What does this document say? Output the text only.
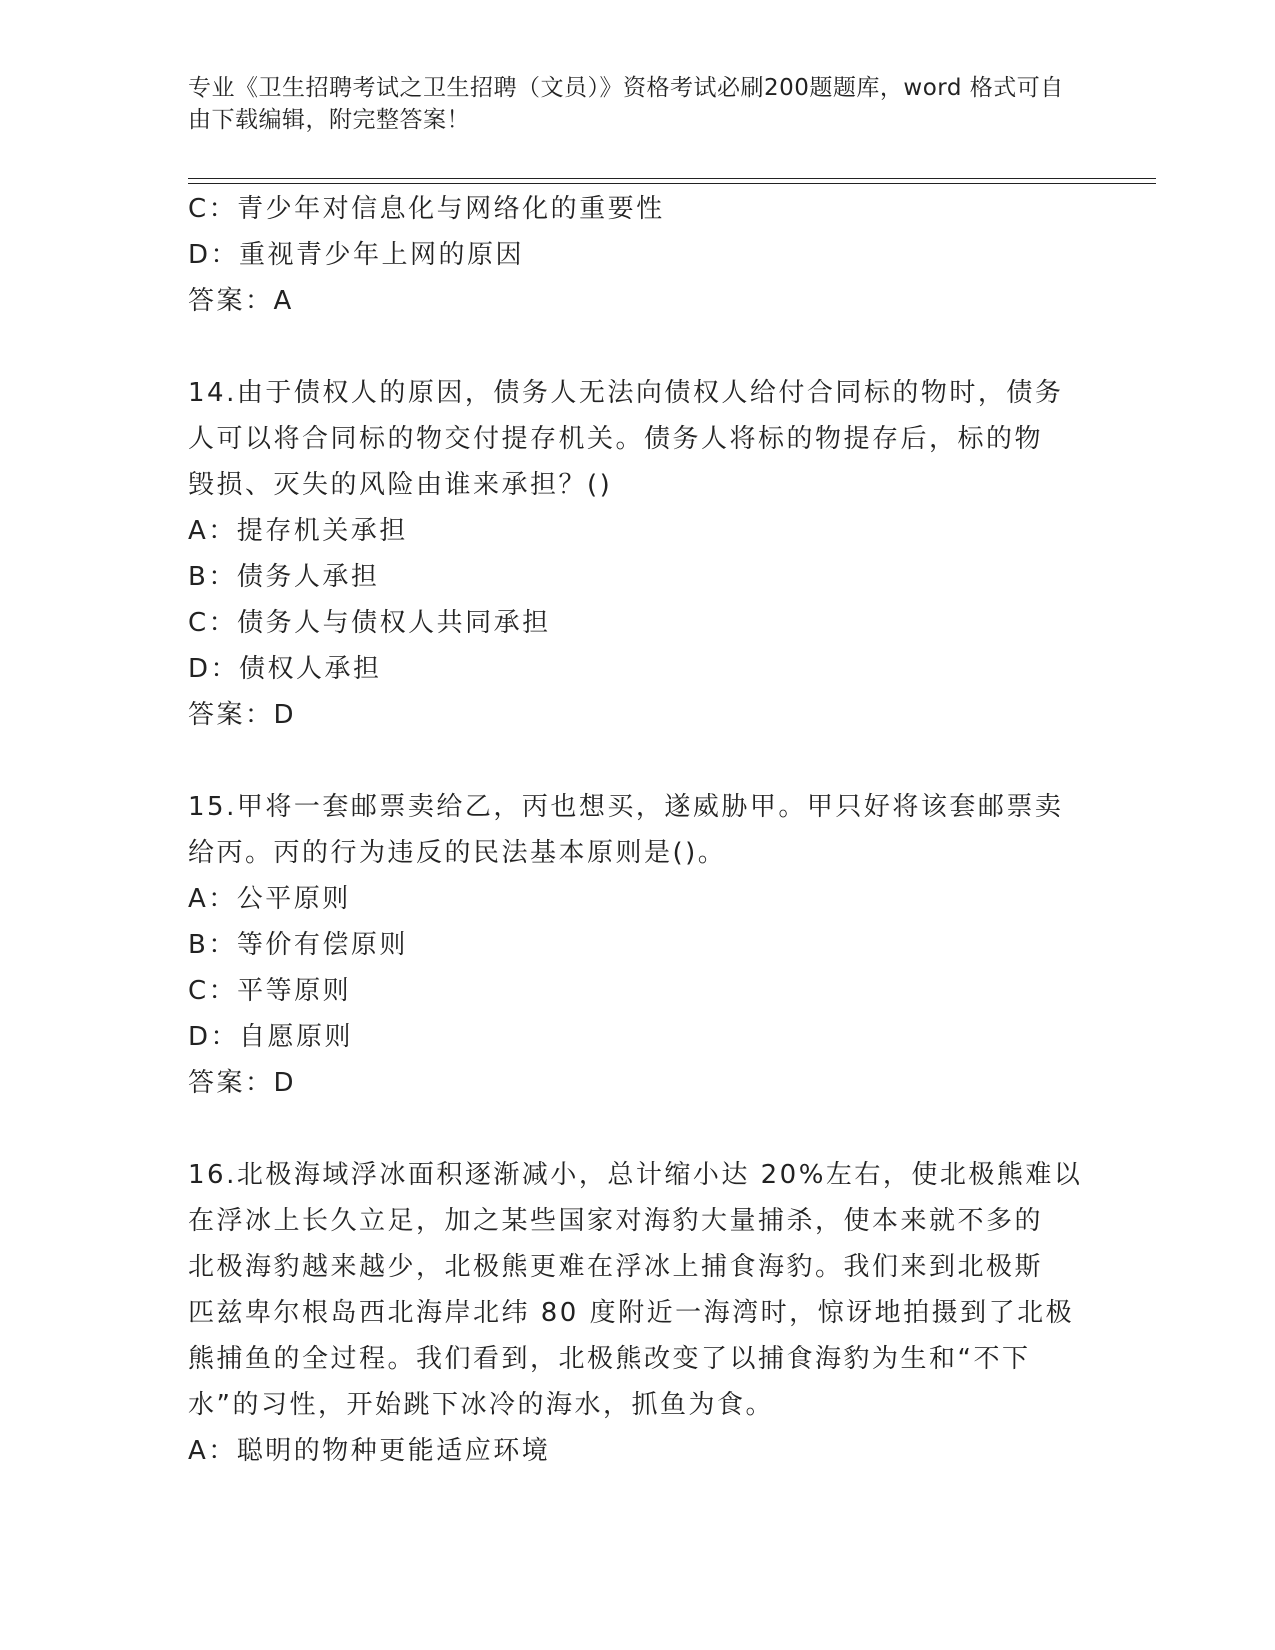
专业《卫生招聘考试之卫生招聘（文员）》资格考试必刷200题题库，word 格式可自由下载编辑，附完整答案！
C：青少年对信息化与网络化的重要性
D：重视青少年上网的原因
答案：A
14.由于债权人的原因，债务人无法向债权人给付合同标的物时，债务
人可以将合同标的物交付提存机关。债务人将标的物提存后，标的物
毁损、灭失的风险由谁来承担？()
A：提存机关承担
B：债务人承担
C：债务人与债权人共同承担
D：债权人承担
答案：D
15.甲将一套邮票卖给乙，丙也想买，遂威胁甲。甲只好将该套邮票卖
给丙。丙的行为违反的民法基本原则是()。
A：公平原则
B：等价有偿原则
C：平等原则
D：自愿原则
答案：D
16.北极海域浮冰面积逐渐减小，总计缩小达 20%左右，使北极熊难以
在浮冰上长久立足，加之某些国家对海豹大量捕杀，使本来就不多的
北极海豹越来越少，北极熊更难在浮冰上捕食海豹。我们来到北极斯
匹兹卑尔根岛西北海岸北纬 80 度附近一海湾时，惊讶地拍摄到了北极
熊捕鱼的全过程。我们看到，北极熊改变了以捕食海豹为生和“不下
水”的习性，开始跳下冰冷的海水，抓鱼为食。
A：聪明的物种更能适应环境
